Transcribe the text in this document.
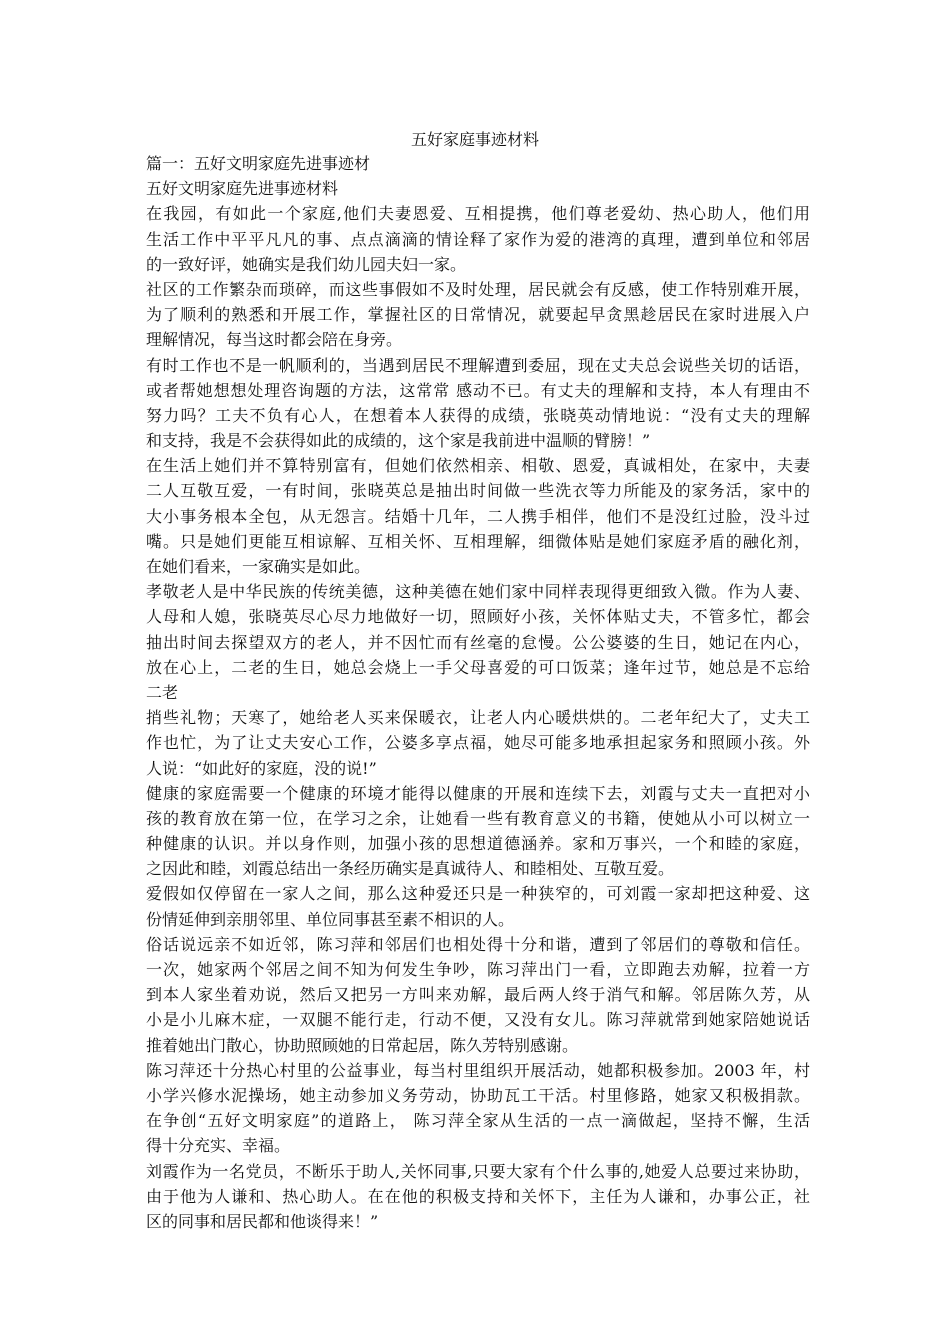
五好家庭事迹材料
篇一：五好文明家庭先进事迹材
五好文明家庭先进事迹材料
在我园，有如此一个家庭,他们夫妻恩爱、互相提携，他们尊老爱幼、热心助人，他们用
生活工作中平平凡凡的事、点点滴滴的情诠释了家作为爱的港湾的真理，遭到单位和邻居
的一致好评，她确实是我们幼儿园夫妇一家。
社区的工作繁杂而琐碎，而这些事假如不及时处理，居民就会有反感，使工作特别难开展，
为了顺利的熟悉和开展工作，掌握社区的日常情况，就要起早贪黑趁居民在家时进展入户
理解情况，每当这时都会陪在身旁。
有时工作也不是一帆顺利的，当遇到居民不理解遭到委屈，现在丈夫总会说些关切的话语，
或者帮她想想处理咨询题的方法，这常常 感动不已。有丈夫的理解和支持，本人有理由不
努力吗？工夫不负有心人，在想着本人获得的成绩，张晓英动情地说：“没有丈夫的理解
和支持，我是不会获得如此的成绩的，这个家是我前进中温顺的臂膀！”
在生活上她们并不算特别富有，但她们依然相亲、相敬、恩爱，真诚相处，在家中，夫妻
二人互敬互爱，一有时间，张晓英总是抽出时间做一些洗衣等力所能及的家务活，家中的
大小事务根本全包，从无怨言。结婚十几年，二人携手相伴，他们不是没红过脸，没斗过
嘴。只是她们更能互相谅解、互相关怀、互相理解，细微体贴是她们家庭矛盾的融化剂，
在她们看来，一家确实是如此。
孝敬老人是中华民族的传统美德，这种美德在她们家中同样表现得更细致入微。作为人妻、
人母和人媳，张晓英尽心尽力地做好一切，照顾好小孩，关怀体贴丈夫，不管多忙，都会
抽出时间去探望双方的老人，并不因忙而有丝毫的怠慢。公公婆婆的生日，她记在内心，
放在心上，二老的生日，她总会烧上一手父母喜爱的可口饭菜；逢年过节，她总是不忘给
二老
捎些礼物；天寒了，她给老人买来保暖衣，让老人内心暖烘烘的。二老年纪大了，丈夫工
作也忙，为了让丈夫安心工作，公婆多享点福，她尽可能多地承担起家务和照顾小孩。外
人说：“如此好的家庭，没的说!”
健康的家庭需要一个健康的环境才能得以健康的开展和连续下去，刘霞与丈夫一直把对小
孩的教育放在第一位，在学习之余，让她看一些有教育意义的书籍，使她从小可以树立一
种健康的认识。并以身作则，加强小孩的思想道德涵养。家和万事兴，一个和睦的家庭，
之因此和睦，刘霞总结出一条经历确实是真诚待人、和睦相处、互敬互爱。
爱假如仅停留在一家人之间，那么这种爱还只是一种狭窄的，可刘霞一家却把这种爱、这
份情延伸到亲朋邻里、单位同事甚至素不相识的人。
俗话说远亲不如近邻，陈习萍和邻居们也相处得十分和谐，遭到了邻居们的尊敬和信任。
一次，她家两个邻居之间不知为何发生争吵，陈习萍出门一看，立即跑去劝解，拉着一方
到本人家坐着劝说，然后又把另一方叫来劝解，最后两人终于消气和解。邻居陈久芳，从
小是小儿麻木症，一双腿不能行走，行动不便，又没有女儿。陈习萍就常到她家陪她说话
推着她出门散心，协助照顾她的日常起居，陈久芳特别感谢。
陈习萍还十分热心村里的公益事业，每当村里组织开展活动，她都积极参加。2003 年，村
小学兴修水泥操场，她主动参加义务劳动，协助瓦工干活。村里修路，她家又积极捐款。
在争创“五好文明家庭”的道路上， 陈习萍全家从生活的一点一滴做起，坚持不懈，生活
得十分充实、幸福。
刘霞作为一名党员，不断乐于助人,关怀同事,只要大家有个什么事的,她爱人总要过来协助，
由于他为人谦和、热心助人。在在他的积极支持和关怀下，主任为人谦和，办事公正，社
区的同事和居民都和他谈得来！”
